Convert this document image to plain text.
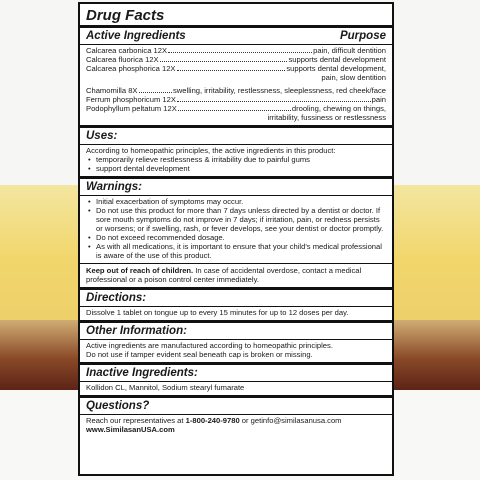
Drug Facts

Active Ingredients	Purpose
Calcarea carbonica 12X	pain, difficult dentition
Calcarea fluorica 12X	supports dental development
Calcarea phosphorica 12X	supports dental development,
pain, slow dentition
Chamomilla 8X	swelling, irritability, restlessness, sleeplessness, red cheek/face
Ferrum phosphoricum 12X	pain
Podophyllum peltatum 12X	drooling, chewing on things,
irritability, fussiness or restlessness

Uses:

According to homeopathic principles, the active ingredients in this product:

• temporarily relieve restlessness & irritability due to painful gums
• support dental development

Warnings:

• Initial exacerbation of symptoms may occur.
• Do not use this product for more than 7 days unless directed by a dentist or doctor. If sore mouth symptoms do not improve in 7 days; if irritation, pain, or redness persists or worsens; or if swelling, rash, or fever develops, see your dentist or doctor promptly.
• Do not exceed recommended dosage.
• As with all medications, it is important to ensure that your child's medical professional is aware of the use of this product.

Keep out of reach of children. In case of accidental overdose, contact a medical professional or a poison control center immediately.

Directions:

Dissolve 1 tablet on tongue up to every 15 minutes for up to 12 doses per day.

Other Information:

Active ingredients are manufactured according to homeopathic principles.

Do not use if tamper evident seal beneath cap is broken or missing.

Inactive Ingredients:

Kollidon CL, Mannitol, Sodium stearyl fumarate

Questions?

Reach our representatives at 1-800-240-9780 or getinfo@similasanusa.com

www.SimilasanUSA.com
